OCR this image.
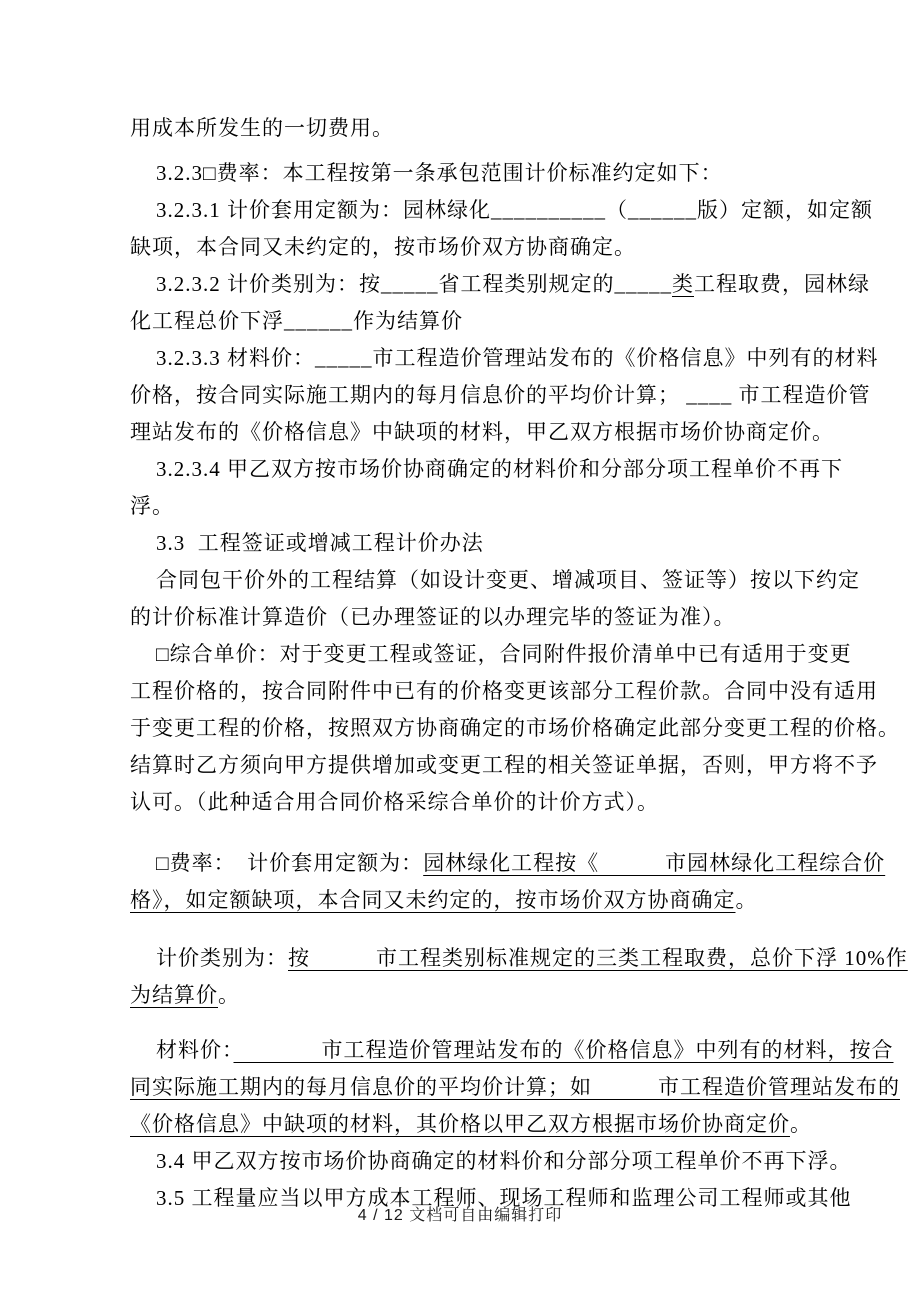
用成本所发生的一切费用。
3.2.3□费率：本工程按第一条承包范围计价标准约定如下：
3.2.3.1 计价套用定额为：园林绿化__________（______版）定额，如定额
缺项，本合同又未约定的，按市场价双方协商确定。
3.2.3.2 计价类别为：按_____省工程类别规定的_____类工程取费，园林绿
化工程总价下浮______作为结算价
3.2.3.3 材料价：_____市工程造价管理站发布的《价格信息》中列有的材料
价格，按合同实际施工期内的每月信息价的平均价计算； ____ 市工程造价管
理站发布的《价格信息》中缺项的材料，甲乙双方根据市场价协商定价。
3.2.3.4 甲乙双方按市场价协商确定的材料价和分部分项工程单价不再下
浮。
3.3  工程签证或增减工程计价办法
合同包干价外的工程结算（如设计变更、增减项目、签证等）按以下约定
的计价标准计算造价（已办理签证的以办理完毕的签证为准）。
□综合单价：对于变更工程或签证，合同附件报价清单中已有适用于变更
工程价格的，按合同附件中已有的价格变更该部分工程价款。合同中没有适用
于变更工程的价格，按照双方协商确定的市场价格确定此部分变更工程的价格。
结算时乙方须向甲方提供增加或变更工程的相关签证单据，否则，甲方将不予
认可。（此种适合用合同价格采综合单价的计价方式）。
□费率：　计价套用定额为：园林绿化工程按《　　　市园林绿化工程综合价
格》，如定额缺项，本合同又未约定的，按市场价双方协商确定。
计价类别为：按　　　市工程类别标准规定的三类工程取费，总价下浮 10%作
为结算价。
材料价：　　　　市工程造价管理站发布的《价格信息》中列有的材料，按合
同实际施工期内的每月信息价的平均价计算；如　　　市工程造价管理站发布的
《价格信息》中缺项的材料，其价格以甲乙双方根据市场价协商定价。
3.4 甲乙双方按市场价协商确定的材料价和分部分项工程单价不再下浮。
3.5 工程量应当以甲方成本工程师、现场工程师和监理公司工程师或其他
4 / 12 文档可自由编辑打印
